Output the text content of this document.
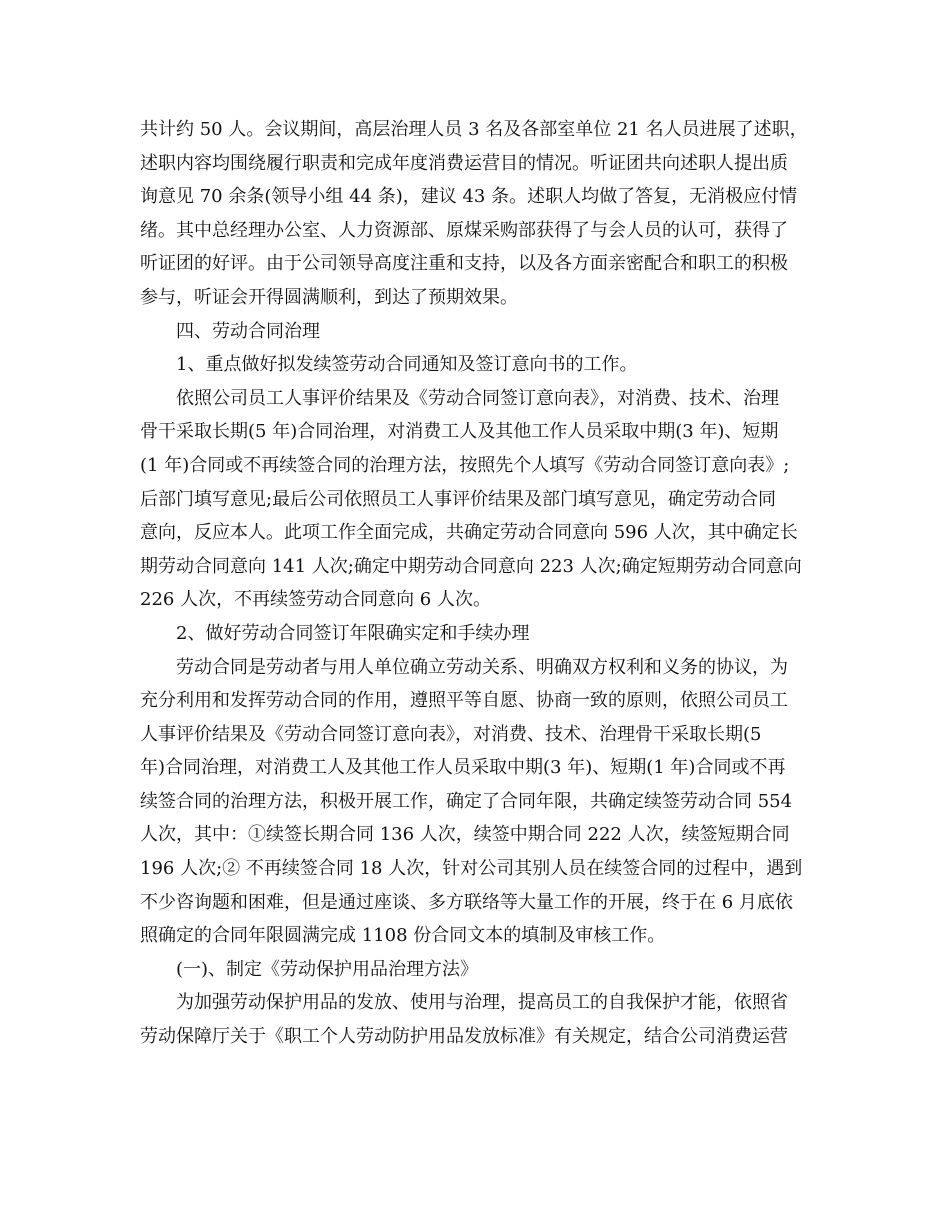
共计约 50 人。会议期间，高层治理人员 3 名及各部室单位 21 名人员进展了述职，
述职内容均围绕履行职责和完成年度消费运营目的情况。听证团共向述职人提出质
询意见 70 余条(领导小组 44 条)，建议 43 条。述职人均做了答复，无消极应付情
绪。其中总经理办公室、人力资源部、原煤采购部获得了与会人员的认可，获得了
听证团的好评。由于公司领导高度注重和支持，以及各方面亲密配合和职工的积极
参与，听证会开得圆满顺利，到达了预期效果。
四、劳动合同治理
1、重点做好拟发续签劳动合同通知及签订意向书的工作。
依照公司员工人事评价结果及《劳动合同签订意向表》，对消费、技术、治理
骨干采取长期(5 年)合同治理，对消费工人及其他工作人员采取中期(3 年)、短期
(1 年)合同或不再续签合同的治理方法，按照先个人填写《劳动合同签订意向表》;
后部门填写意见;最后公司依照员工人事评价结果及部门填写意见，确定劳动合同
意向，反应本人。此项工作全面完成，共确定劳动合同意向 596 人次，其中确定长
期劳动合同意向 141 人次;确定中期劳动合同意向 223 人次;确定短期劳动合同意向
226 人次，不再续签劳动合同意向 6 人次。
2、做好劳动合同签订年限确实定和手续办理
劳动合同是劳动者与用人单位确立劳动关系、明确双方权利和义务的协议，为
充分利用和发挥劳动合同的作用，遵照平等自愿、协商一致的原则，依照公司员工
人事评价结果及《劳动合同签订意向表》，对消费、技术、治理骨干采取长期(5
年)合同治理，对消费工人及其他工作人员采取中期(3 年)、短期(1 年)合同或不再
续签合同的治理方法，积极开展工作，确定了合同年限，共确定续签劳动合同 554
人次，其中：①续签长期合同 136 人次，续签中期合同 222 人次，续签短期合同
196 人次;② 不再续签合同 18 人次，针对公司其别人员在续签合同的过程中，遇到
不少咨询题和困难，但是通过座谈、多方联络等大量工作的开展，终于在 6 月底依
照确定的合同年限圆满完成 1108 份合同文本的填制及审核工作。
(一)、制定《劳动保护用品治理方法》
为加强劳动保护用品的发放、使用与治理，提高员工的自我保护才能，依照省
劳动保障厅关于《职工个人劳动防护用品发放标准》有关规定，结合公司消费运营
